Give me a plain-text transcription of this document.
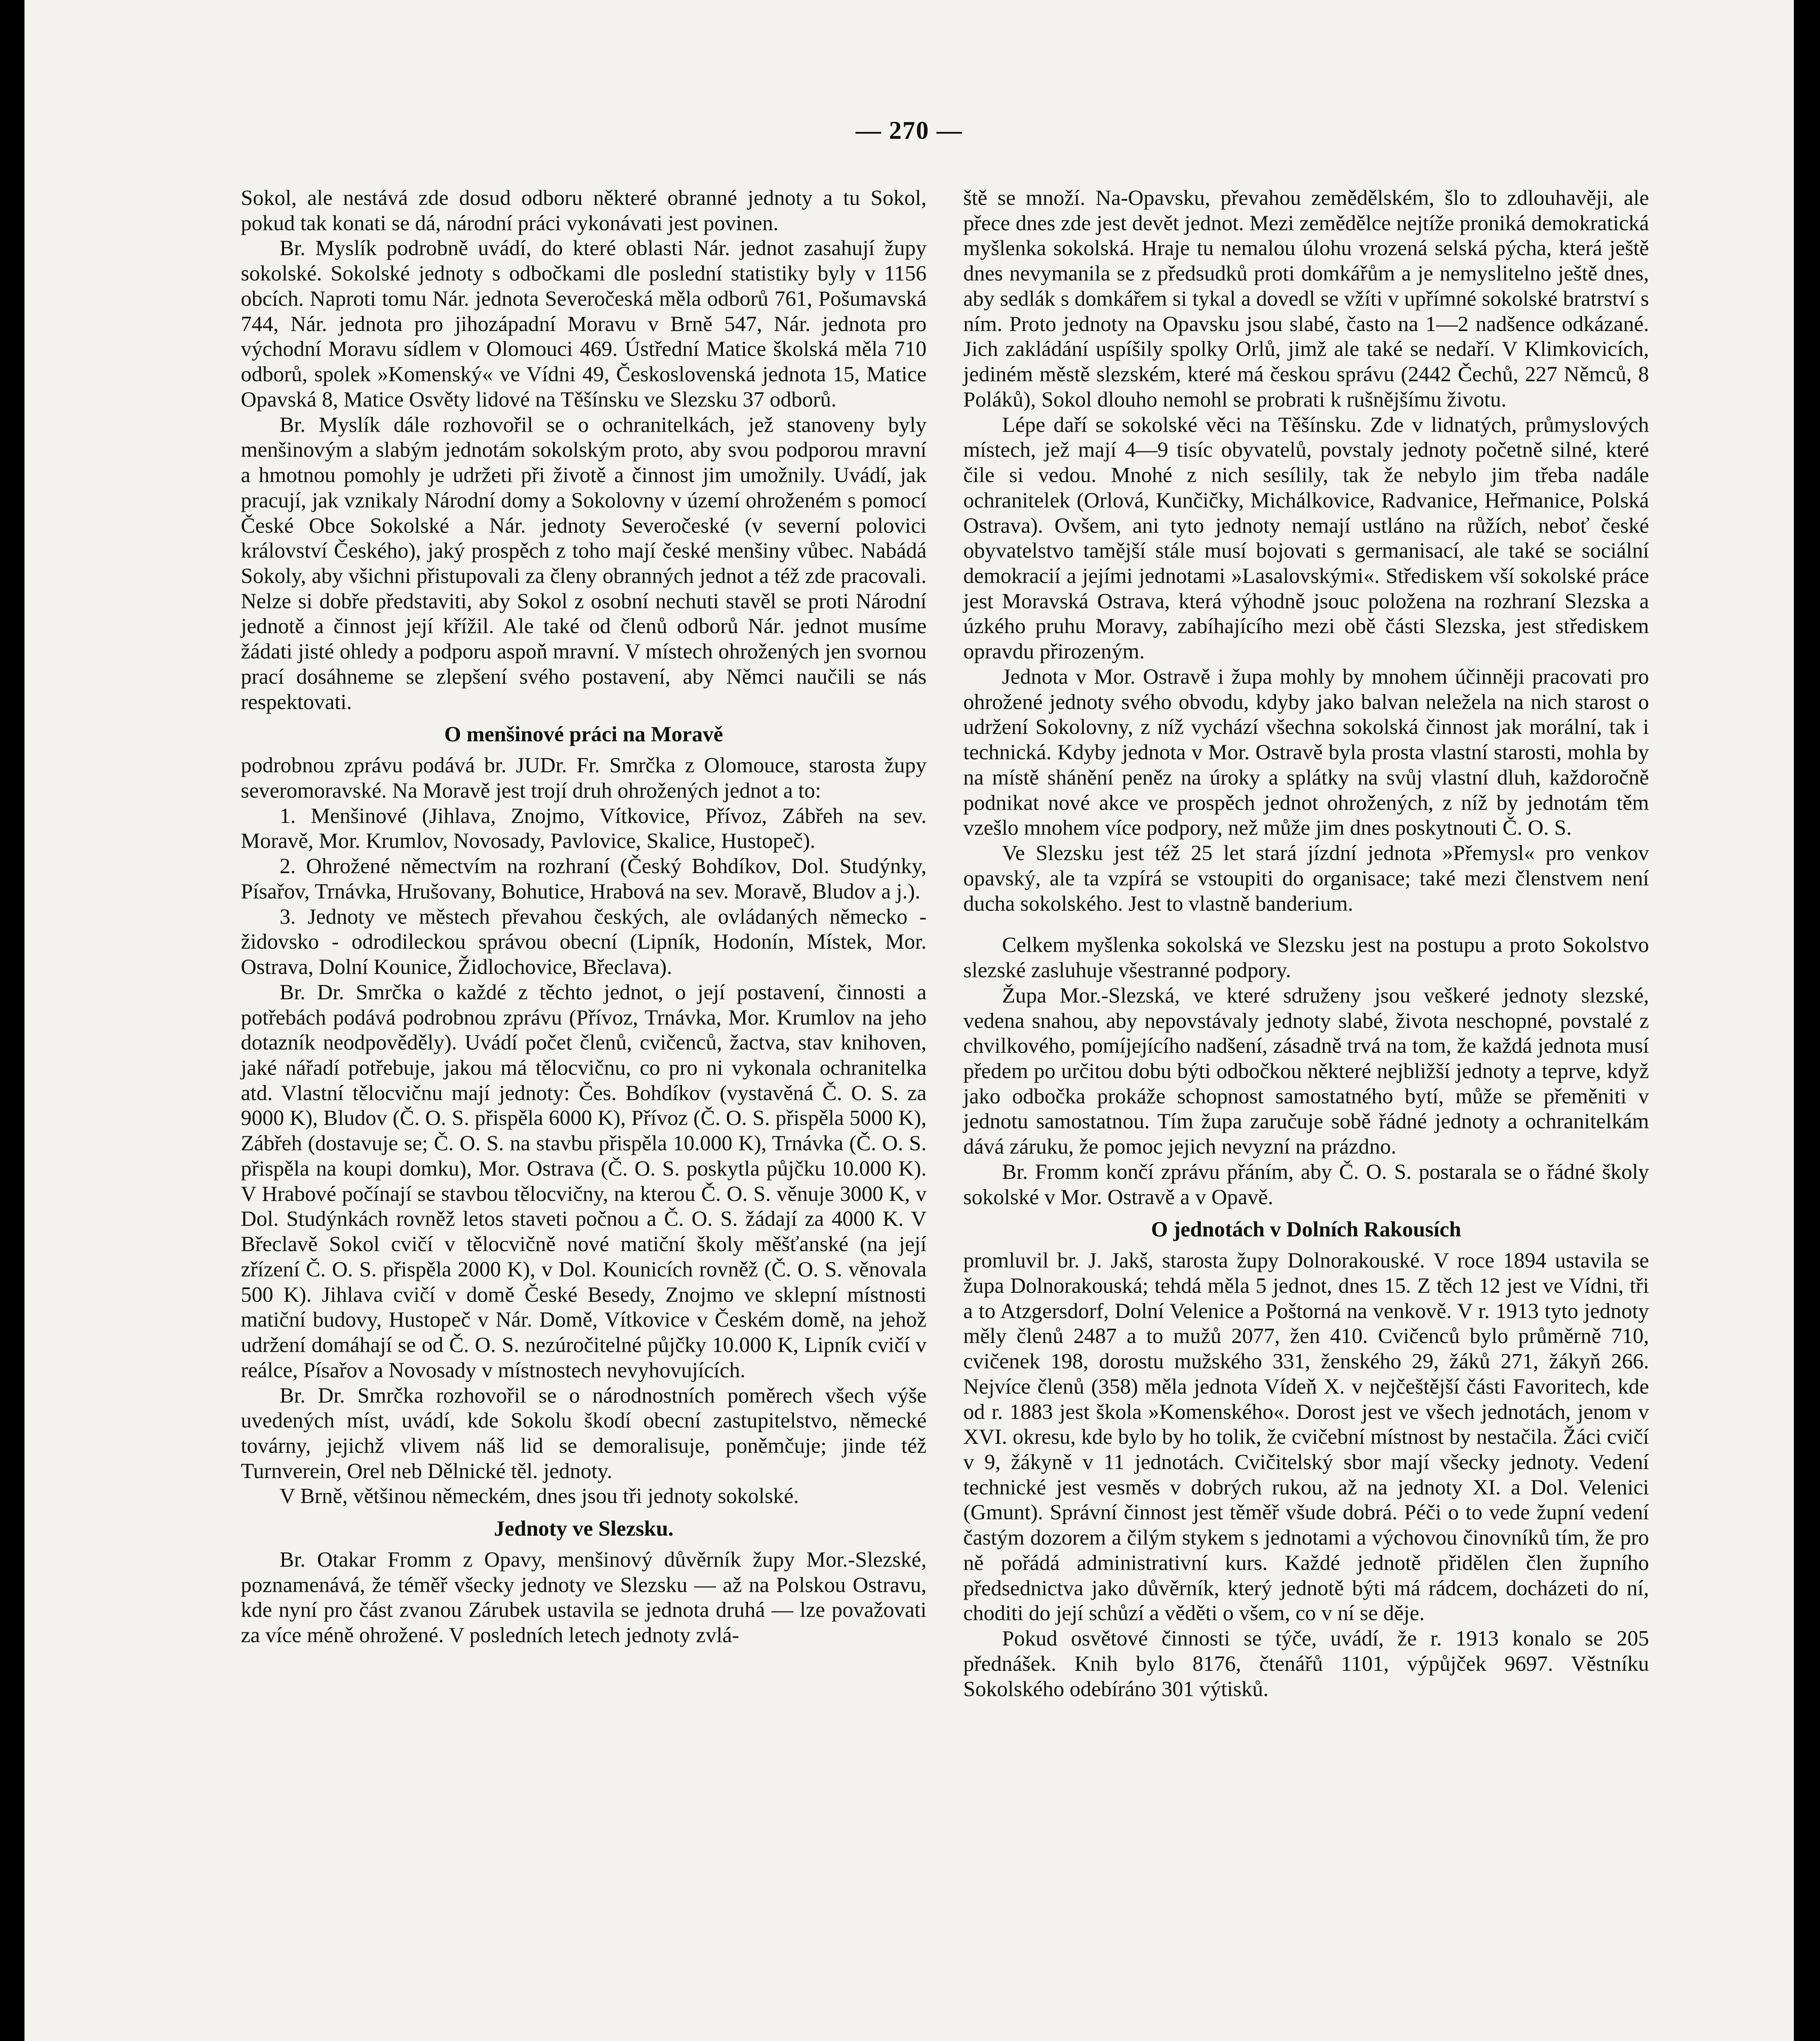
— 270 —

Sokol, ale nestává zde dosud odboru některé obranné jednoty a tu Sokol, pokud tak konati se dá, národní práci vykonávati jest povinen.

Br. Myslík podrobně uvádí, do které oblasti Nár. jednot zasahují župy sokolské. Sokolské jednoty s odbočkami dle poslední statistiky byly v 1156 obcích. Naproti tomu Nár. jednota Severočeská měla odborů 761, Pošumavská 744, Nár. jednota pro jihozápadní Moravu v Brně 547, Nár. jednota pro východní Moravu sídlem v Olomouci 469. Ústřední Matice školská měla 710 odborů, spolek »Komenský« ve Vídni 49, Československá jednota 15, Matice Opavská 8, Matice Osvěty lidové na Těšínsku ve Slezsku 37 odborů.

Br. Myslík dále rozhovořil se o ochranitelkách, jež stanoveny byly menšinovým a slabým jednotám sokolským proto, aby svou podporou mravní a hmotnou pomohly je udržeti při životě a činnost jim umožnily. Uvádí, jak pracují, jak vznikaly Národní domy a Sokolovny v území ohroženém s pomocí České Obce Sokolské a Nár. jednoty Severočeské (v severní polovici království Českého), jaký prospěch z toho mají české menšiny vůbec. Nabádá Sokoly, aby všichni přistupovali za členy obranných jednot a též zde pracovali. Nelze si dobře představiti, aby Sokol z osobní nechuti stavěl se proti Národní jednotě a činnost její křížil. Ale také od členů odborů Nár. jednot musíme žádati jisté ohledy a podporu aspoň mravní. V místech ohrožených jen svornou prací dosáhneme se zlepšení svého postavení, aby Němci naučili se nás respektovati.

O menšinové práci na Moravě

podrobnou zprávu podává br. JUDr. Fr. Smrčka z Olomouce, starosta župy severomoravské. Na Moravě jest trojí druh ohrožených jednot a to:

1. Menšinové (Jihlava, Znojmo, Vítkovice, Přívoz, Zábřeh na sev. Moravě, Mor. Krumlov, Novosady, Pavlovice, Skalice, Hustopeč).

2. Ohrožené němectvím na rozhraní (Český Bohdíkov, Dol. Studýnky, Písařov, Trnávka, Hrušovany, Bohutice, Hrabová na sev. Moravě, Bludov a j.).

3. Jednoty ve městech převahou českých, ale ovládaných německo - židovsko - odrodileckou správou obecní (Lipník, Hodonín, Místek, Mor. Ostrava, Dolní Kounice, Židlochovice, Břeclava).

Br. Dr. Smrčka o každé z těchto jednot, o její postavení, činnosti a potřebách podává podrobnou zprávu (Přívoz, Trnávka, Mor. Krumlov na jeho dotazník neodpověděly). Uvádí počet členů, cvičenců, žactva, stav knihoven, jaké nářadí potřebuje, jakou má tělocvičnu, co pro ni vykonala ochranitelka atd. Vlastní tělocvičnu mají jednoty: Čes. Bohdíkov (vystavěná Č. O. S. za 9000 K), Bludov (Č. O. S. přispěla 6000 K), Přívoz (Č. O. S. přispěla 5000 K), Zábřeh (dostavuje se; Č. O. S. na stavbu přispěla 10.000 K), Trnávka (Č. O. S. přispěla na koupi domku), Mor. Ostrava (Č. O. S. poskytla půjčku 10.000 K). V Hrabové počínají se stavbou tělocvičny, na kterou Č. O. S. věnuje 3000 K, v Dol. Studýnkách rovněž letos staveti počnou a Č. O. S. žádají za 4000 K. V Břeclavě Sokol cvičí v tělocvičně nové matiční školy měšťanské (na její zřízení Č. O. S. přispěla 2000 K), v Dol. Kounicích rovněž (Č. O. S. věnovala 500 K). Jihlava cvičí v domě České Besedy, Znojmo ve sklepní místnosti matiční budovy, Hustopeč v Nár. Domě, Vítkovice v Českém domě, na jehož udržení domáhají se od Č. O. S. nezúročitelné půjčky 10.000 K, Lipník cvičí v reálce, Písařov a Novosady v místnostech nevyhovujících.

Br. Dr. Smrčka rozhovořil se o národnostních poměrech všech výše uvedených míst, uvádí, kde Sokolu škodí obecní zastupitelstvo, německé továrny, jejichž vlivem náš lid se demoralisuje, poněmčuje; jinde též Turnverein, Orel neb Dělnické těl. jednoty.

V Brně, většinou německém, dnes jsou tři jednoty sokolské.

Jednoty ve Slezsku.

Br. Otakar Fromm z Opavy, menšinový důvěrník župy Mor.-Slezské, poznamenává, že téměř všecky jednoty ve Slezsku — až na Polskou Ostravu, kde nyní pro část zvanou Zárubek ustavila se jednota druhá — lze považovati za více méně ohrožené. V posledních letech jednoty zvlá-

ště se množí. Na-Opavsku, převahou zemědělském, šlo to zdlouhavěji, ale přece dnes zde jest devět jednot. Mezi zemědělce nejtíže proniká demokratická myšlenka sokolská. Hraje tu nemalou úlohu vrozená selská pýcha, která ještě dnes nevymanila se z předsudků proti domkářům a je nemyslitelno ještě dnes, aby sedlák s domkářem si tykal a dovedl se vžíti v upřímné sokolské bratrství s ním. Proto jednoty na Opavsku jsou slabé, často na 1—2 nadšence odkázané. Jich zakládání uspíšily spolky Orlů, jimž ale také se nedaří. V Klimkovicích, jediném městě slezském, které má českou správu (2442 Čechů, 227 Němců, 8 Poláků), Sokol dlouho nemohl se probrati k rušnějšímu životu.

Lépe daří se sokolské věci na Těšínsku. Zde v lidnatých, průmyslových místech, jež mají 4—9 tisíc obyvatelů, povstaly jednoty početně silné, které čile si vedou. Mnohé z nich sesílily, tak že nebylo jim třeba nadále ochranitelek (Orlová, Kunčičky, Michálkovice, Radvanice, Heřmanice, Polská Ostrava). Ovšem, ani tyto jednoty nemají ustláno na růžích, neboť české obyvatelstvo tamější stále musí bojovati s germanisací, ale také se sociální demokracií a jejími jednotami »Lasalovskými«. Střediskem vší sokolské práce jest Moravská Ostrava, která výhodně jsouc položena na rozhraní Slezska a úzkého pruhu Moravy, zabíhajícího mezi obě části Slezska, jest střediskem opravdu přirozeným.

Jednota v Mor. Ostravě i župa mohly by mnohem účinněji pracovati pro ohrožené jednoty svého obvodu, kdyby jako balvan neležela na nich starost o udržení Sokolovny, z níž vychází všechna sokolská činnost jak morální, tak i technická. Kdyby jednota v Mor. Ostravě byla prosta vlastní starosti, mohla by na místě shánění peněz na úroky a splátky na svůj vlastní dluh, každoročně podnikat nové akce ve prospěch jednot ohrožených, z níž by jednotám těm vzešlo mnohem více podpory, než může jim dnes poskytnouti Č. O. S.

Ve Slezsku jest též 25 let stará jízdní jednota »Přemysl« pro venkov opavský, ale ta vzpírá se vstoupiti do organisace; také mezi členstvem není ducha sokolského. Jest to vlastně banderium.

Celkem myšlenka sokolská ve Slezsku jest na postupu a proto Sokolstvo slezské zasluhuje všestranné podpory.

Župa Mor.-Slezská, ve které sdruženy jsou veškeré jednoty slezské, vedena snahou, aby nepovstávaly jednoty slabé, života neschopné, povstalé z chvilkového, pomíjejícího nadšení, zásadně trvá na tom, že každá jednota musí předem po určitou dobu býti odbočkou některé nejbližší jednoty a teprve, když jako odbočka prokáže schopnost samostatného bytí, může se přeměniti v jednotu samostatnou. Tím župa zaručuje sobě řádné jednoty a ochranitelkám dává záruku, že pomoc jejich nevyzní na prázdno.

Br. Fromm končí zprávu přáním, aby Č. O. S. postarala se o řádné školy sokolské v Mor. Ostravě a v Opavě.

O jednotách v Dolních Rakousích

promluvil br. J. Jakš, starosta župy Dolnorakouské. V roce 1894 ustavila se župa Dolnorakouská; tehdá měla 5 jednot, dnes 15. Z těch 12 jest ve Vídni, tři a to Atzgersdorf, Dolní Velenice a Poštorná na venkově. V r. 1913 tyto jednoty měly členů 2487 a to mužů 2077, žen 410. Cvičenců bylo průměrně 710, cvičenek 198, dorostu mužského 331, ženského 29, žáků 271, žákyň 266. Nejvíce členů (358) měla jednota Vídeň X. v nejčeštější části Favoritech, kde od r. 1883 jest škola »Komenského«. Dorost jest ve všech jednotách, jenom v XVI. okresu, kde bylo by ho tolik, že cvičební místnost by nestačila. Žáci cvičí v 9, žákyně v 11 jednotách. Cvičitelský sbor mají všecky jednoty. Vedení technické jest vesměs v dobrých rukou, až na jednoty XI. a Dol. Velenici (Gmunt). Správní činnost jest těměř všude dobrá. Péči o to vede župní vedení častým dozorem a čilým stykem s jednotami a výchovou činovníků tím, že pro ně pořádá administrativní kurs. Každé jednotě přidělen člen župního předsednictva jako důvěrník, který jednotě býti má rádcem, docházeti do ní, choditi do její schůzí a věděti o všem, co v ní se děje.

Pokud osvětové činnosti se týče, uvádí, že r. 1913 konalo se 205 přednášek. Knih bylo 8176, čtenářů 1101, výpůjček 9697. Věstníku Sokolského odebíráno 301 výtisků.
